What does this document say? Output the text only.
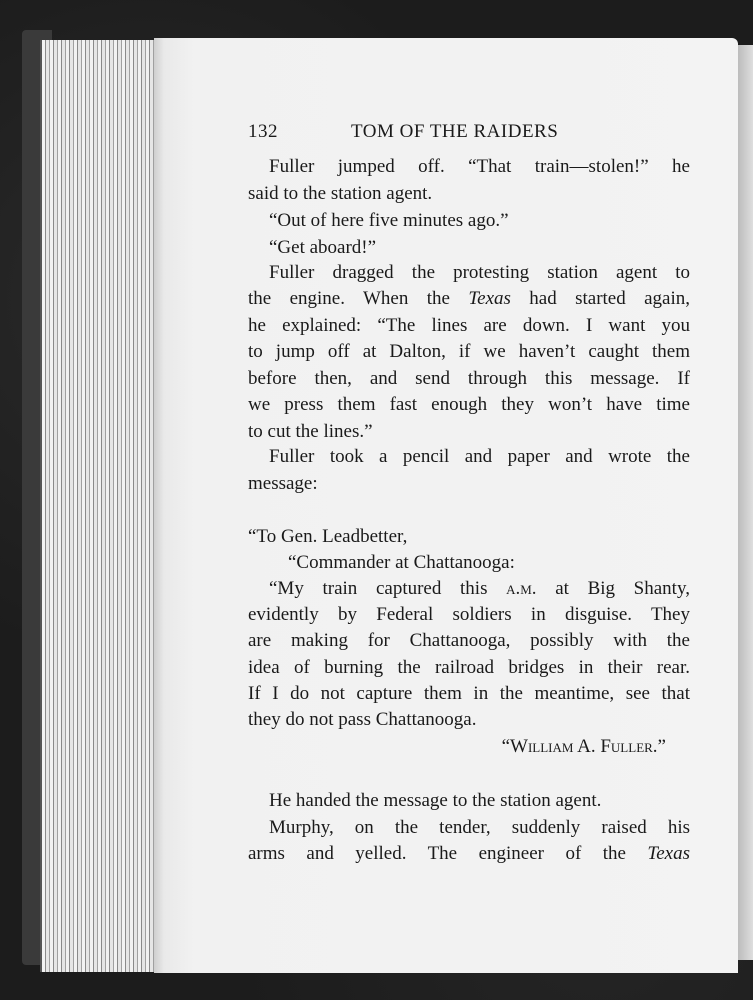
132	TOM OF THE RAIDERS
Fuller jumped off. “That train—stolen!” he
said to the station agent.
“Out of here five minutes ago.”
“Get aboard!”
Fuller dragged the protesting station agent to
the engine. When the Texas had started again,
he explained: “The lines are down. I want you
to jump off at Dalton, if we haven’t caught them
before then, and send through this message. If
we press them fast enough they won’t have time
to cut the lines.”
Fuller took a pencil and paper and wrote the
message:
“To Gen. Leadbetter,
“Commander at Chattanooga:
“My train captured this a.m. at Big Shanty,
evidently by Federal soldiers in disguise. They
are making for Chattanooga, possibly with the
idea of burning the railroad bridges in their rear.
If I do not capture them in the meantime, see that
they do not pass Chattanooga.
“William A. Fuller.”
He handed the message to the station agent.
Murphy, on the tender, suddenly raised his
arms and yelled. The engineer of the Texas
